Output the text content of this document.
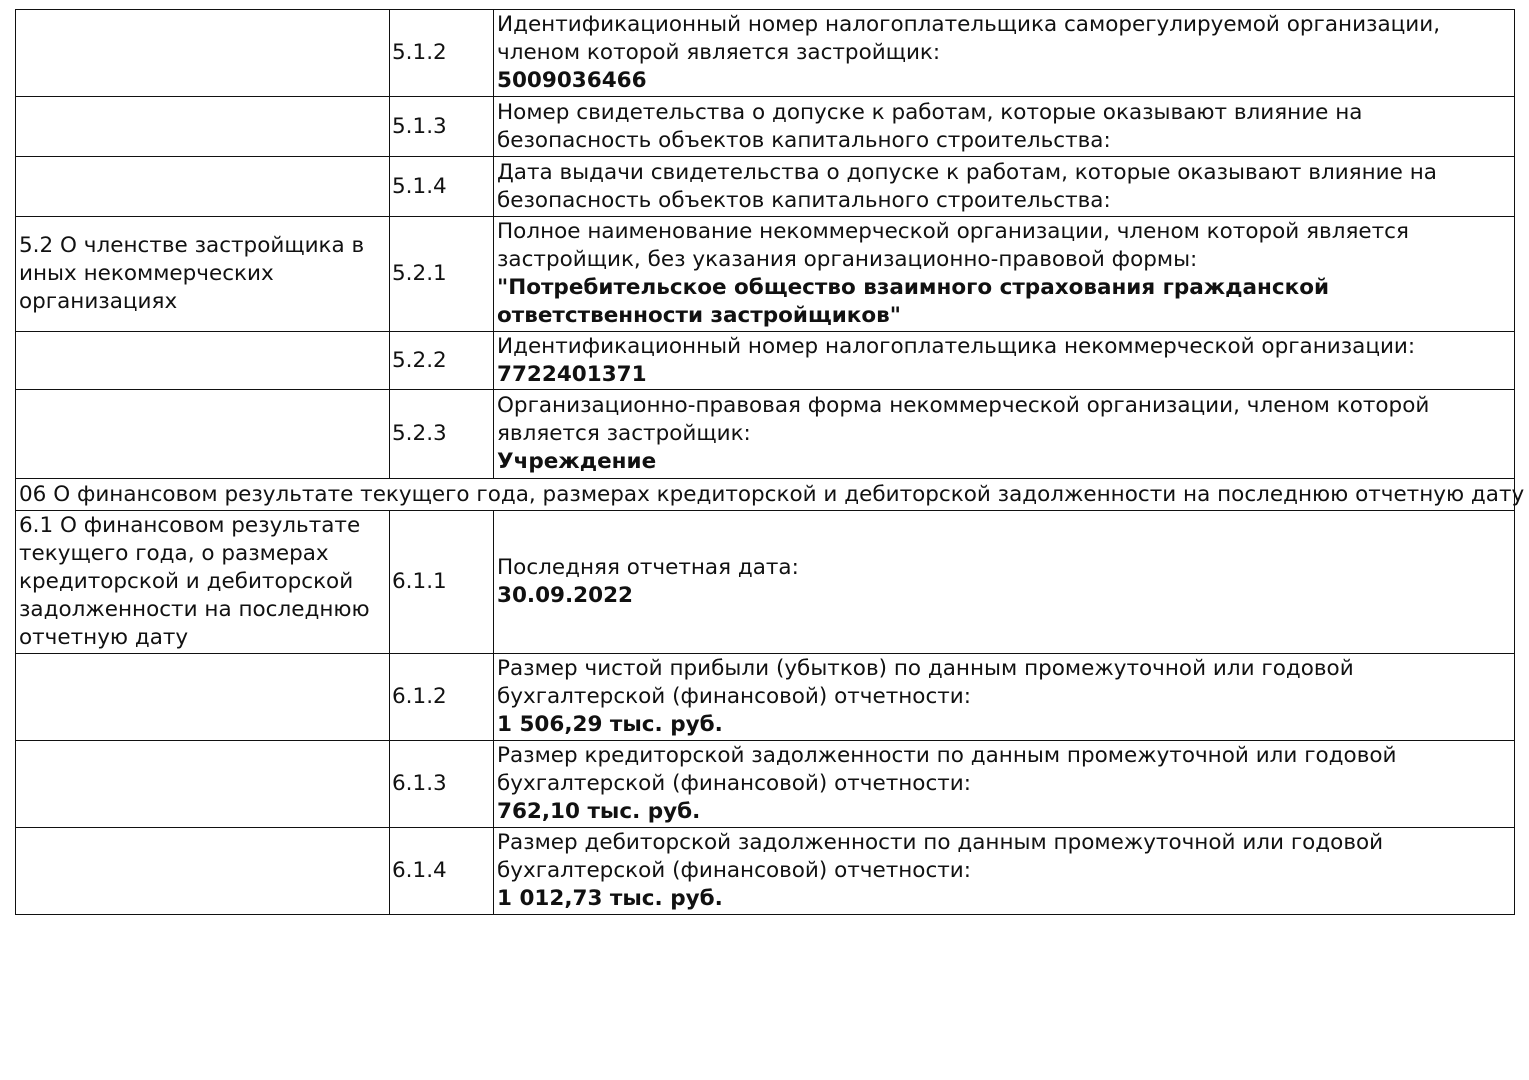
	5.1.2	Идентификационный номер налогоплательщика саморегулируемой организации, членом которой является застройщик:
5009036466

	5.1.3	Номер свидетельства о допуске к работам, которые оказывают влияние на безопасность объектов капитального строительства:

	5.1.4	Дата выдачи свидетельства о допуске к работам, которые оказывают влияние на безопасность объектов капитального строительства:

5.2 О членстве застройщика в иных некоммерческих организациях	5.2.1	Полное наименование некоммерческой организации, членом которой является застройщик, без указания организационно-правовой формы:
"Потребительское общество взаимного страхования гражданской ответственности застройщиков"

	5.2.2	Идентификационный номер налогоплательщика некоммерческой организации:
7722401371

	5.2.3	Организационно-правовая форма некоммерческой организации, членом которой является застройщик:
Учреждение

06 О финансовом результате текущего года, размерах кредиторской и дебиторской задолженности на последнюю отчетную дату		
6.1 О финансовом результате текущего года, о размерах кредиторской и дебиторской задолженности на последнюю отчетную дату	6.1.1	Последняя отчетная дата:
30.09.2022

	6.1.2	Размер чистой прибыли (убытков) по данным промежуточной или годовой бухгалтерской (финансовой) отчетности:
1 506,29 тыс. руб.

	6.1.3	Размер кредиторской задолженности по данным промежуточной или годовой бухгалтерской (финансовой) отчетности:
762,10 тыс. руб.

	6.1.4	Размер дебиторской задолженности по данным промежуточной или годовой бухгалтерской (финансовой) отчетности:
1 012,73 тыс. руб.
